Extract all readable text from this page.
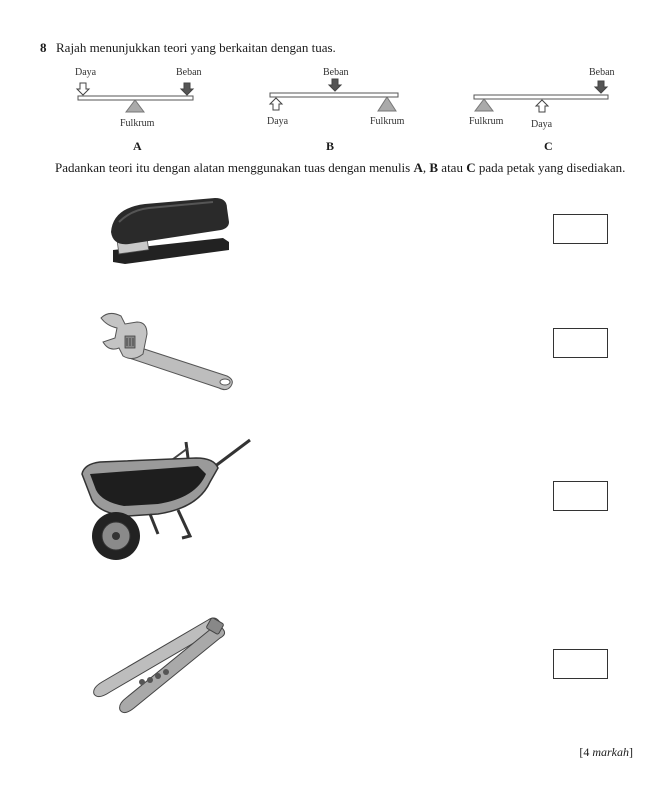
8 Rajah menunjukkan teori yang berkaitan dengan tuas.
Daya	Beban
Fulkrum
A
Beban
Daya	Fulkrum
B
Beban
Fulkrum	Daya
C
Padankan teori itu dengan alatan menggunakan tuas dengan menulis A, B atau C pada petak yang disediakan.
[4 markah]
